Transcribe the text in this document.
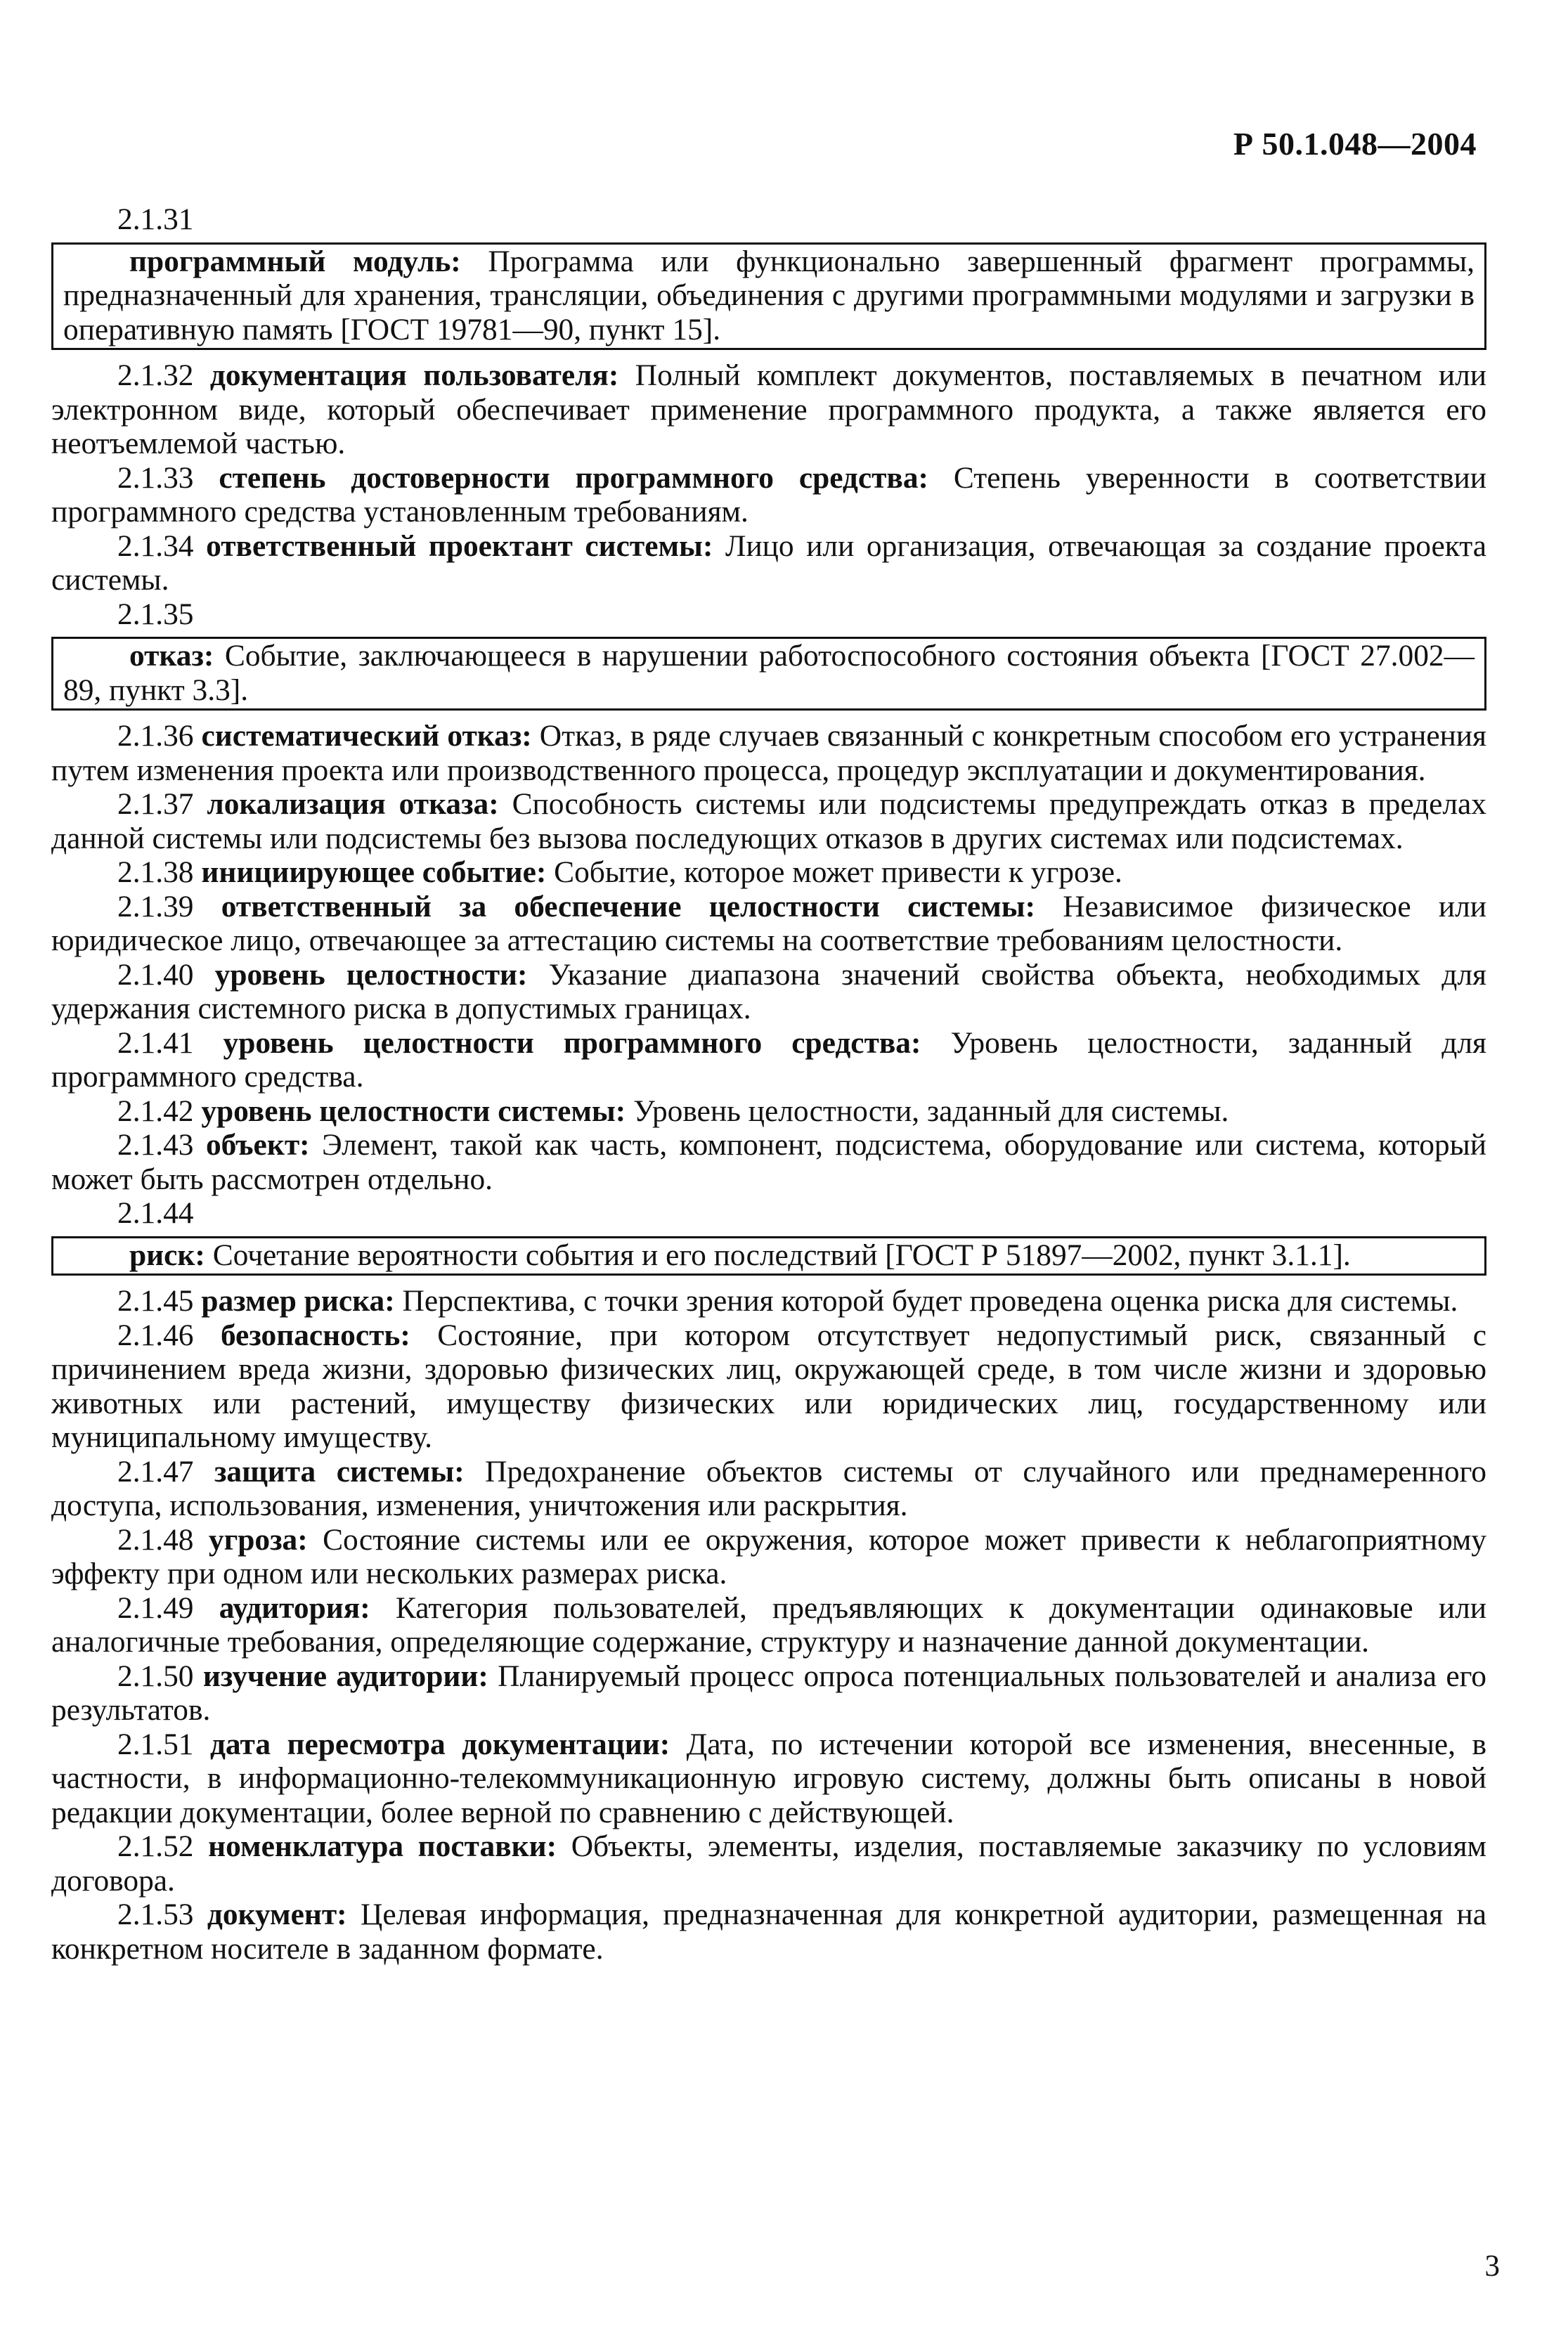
Р 50.1.048—2004

2.1.31

программный модуль: Программа или функционально завершенный фрагмент программы, предназначенный для хранения, трансляции, объединения с другими программными модулями и загрузки в оперативную память [ГОСТ 19781—90, пункт 15].

2.1.32 документация пользователя: Полный комплект документов, поставляемых в печатном или электронном виде, который обеспечивает применение программного продукта, а также является его неотъемлемой частью.

2.1.33 степень достоверности программного средства: Степень уверенности в соответствии программного средства установленным требованиям.

2.1.34 ответственный проектант системы: Лицо или организация, отвечающая за создание проекта системы.

2.1.35

отказ: Событие, заключающееся в нарушении работоспособного состояния объекта [ГОСТ 27.002—89, пункт 3.3].

2.1.36 систематический отказ: Отказ, в ряде случаев связанный с конкретным способом его устранения путем изменения проекта или производственного процесса, процедур эксплуатации и документирования.

2.1.37 локализация отказа: Способность системы или подсистемы предупреждать отказ в пределах данной системы или подсистемы без вызова последующих отказов в других системах или подсистемах.

2.1.38 инициирующее событие: Событие, которое может привести к угрозе.

2.1.39 ответственный за обеспечение целостности системы: Независимое физическое или юридическое лицо, отвечающее за аттестацию системы на соответствие требованиям целостности.

2.1.40 уровень целостности: Указание диапазона значений свойства объекта, необходимых для удержания системного риска в допустимых границах.

2.1.41 уровень целостности программного средства: Уровень целостности, заданный для программного средства.

2.1.42 уровень целостности системы: Уровень целостности, заданный для системы.

2.1.43 объект: Элемент, такой как часть, компонент, подсистема, оборудование или система, который может быть рассмотрен отдельно.

2.1.44

риск: Сочетание вероятности события и его последствий [ГОСТ Р 51897—2002, пункт 3.1.1].

2.1.45 размер риска: Перспектива, с точки зрения которой будет проведена оценка риска для системы.

2.1.46 безопасность: Состояние, при котором отсутствует недопустимый риск, связанный с причинением вреда жизни, здоровью физических лиц, окружающей среде, в том числе жизни и здоровью животных или растений, имуществу физических или юридических лиц, государственному или муниципальному имуществу.

2.1.47 защита системы: Предохранение объектов системы от случайного или преднамеренного доступа, использования, изменения, уничтожения или раскрытия.

2.1.48 угроза: Состояние системы или ее окружения, которое может привести к неблагоприятному эффекту при одном или нескольких размерах риска.

2.1.49 аудитория: Категория пользователей, предъявляющих к документации одинаковые или аналогичные требования, определяющие содержание, структуру и назначение данной документации.

2.1.50 изучение аудитории: Планируемый процесс опроса потенциальных пользователей и анализа его результатов.

2.1.51 дата пересмотра документации: Дата, по истечении которой все изменения, внесенные, в частности, в информационно-телекоммуникационную игровую систему, должны быть описаны в новой редакции документации, более верной по сравнению с действующей.

2.1.52 номенклатура поставки: Объекты, элементы, изделия, поставляемые заказчику по условиям договора.

2.1.53 документ: Целевая информация, предназначенная для конкретной аудитории, размещенная на конкретном носителе в заданном формате.

3
